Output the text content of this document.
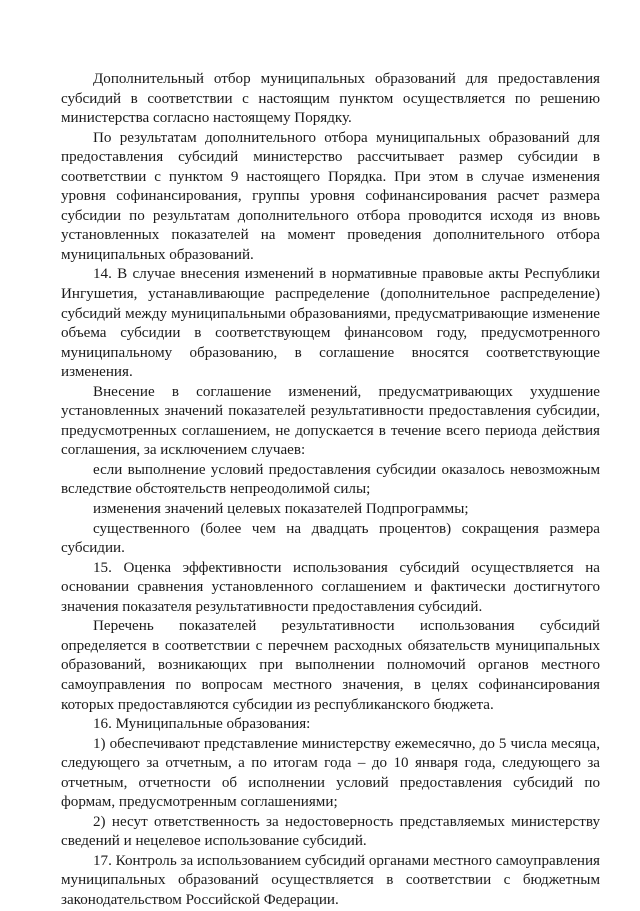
Дополнительный отбор муниципальных образований для предоставления субсидий в соответствии с настоящим пунктом осуществляется по решению министерства согласно настоящему Порядку.

По результатам дополнительного отбора муниципальных образований для предоставления субсидий министерство рассчитывает размер субсидии в соответствии с пунктом 9 настоящего Порядка. При этом в случае изменения уровня софинансирования, группы уровня софинансирования расчет размера субсидии по результатам дополнительного отбора проводится исходя из вновь установленных показателей на момент проведения дополнительного отбора муниципальных образований.

14. В случае внесения изменений в нормативные правовые акты Республики Ингушетия, устанавливающие распределение (дополнительное распределение) субсидий между муниципальными образованиями, предусматривающие изменение объема субсидии в соответствующем финансовом году, предусмотренного муниципальному образованию, в соглашение вносятся соответствующие изменения.

Внесение в соглашение изменений, предусматривающих ухудшение установленных значений показателей результативности предоставления субсидии, предусмотренных соглашением, не допускается в течение всего периода действия соглашения, за исключением случаев:

если выполнение условий предоставления субсидии оказалось невозможным вследствие обстоятельств непреодолимой силы;

изменения значений целевых показателей Подпрограммы;

существенного (более чем на двадцать процентов) сокращения размера субсидии.

15. Оценка эффективности использования субсидий осуществляется на основании сравнения установленного соглашением и фактически достигнутого значения показателя результативности предоставления субсидий.

Перечень показателей результативности использования субсидий определяется в соответствии с перечнем расходных обязательств муниципальных образований, возникающих при выполнении полномочий органов местного самоуправления по вопросам местного значения, в целях софинансирования которых предоставляются субсидии из республиканского бюджета.

16. Муниципальные образования:

1) обеспечивают представление министерству ежемесячно, до 5 числа месяца, следующего за отчетным, а по итогам года – до 10 января года, следующего за отчетным, отчетности об исполнении условий предоставления субсидий по формам, предусмотренным соглашениями;

2) несут ответственность за недостоверность представляемых министерству сведений и нецелевое использование субсидий.

17. Контроль за использованием субсидий органами местного самоуправления муниципальных образований осуществляется в соответствии с бюджетным законодательством Российской Федерации.
